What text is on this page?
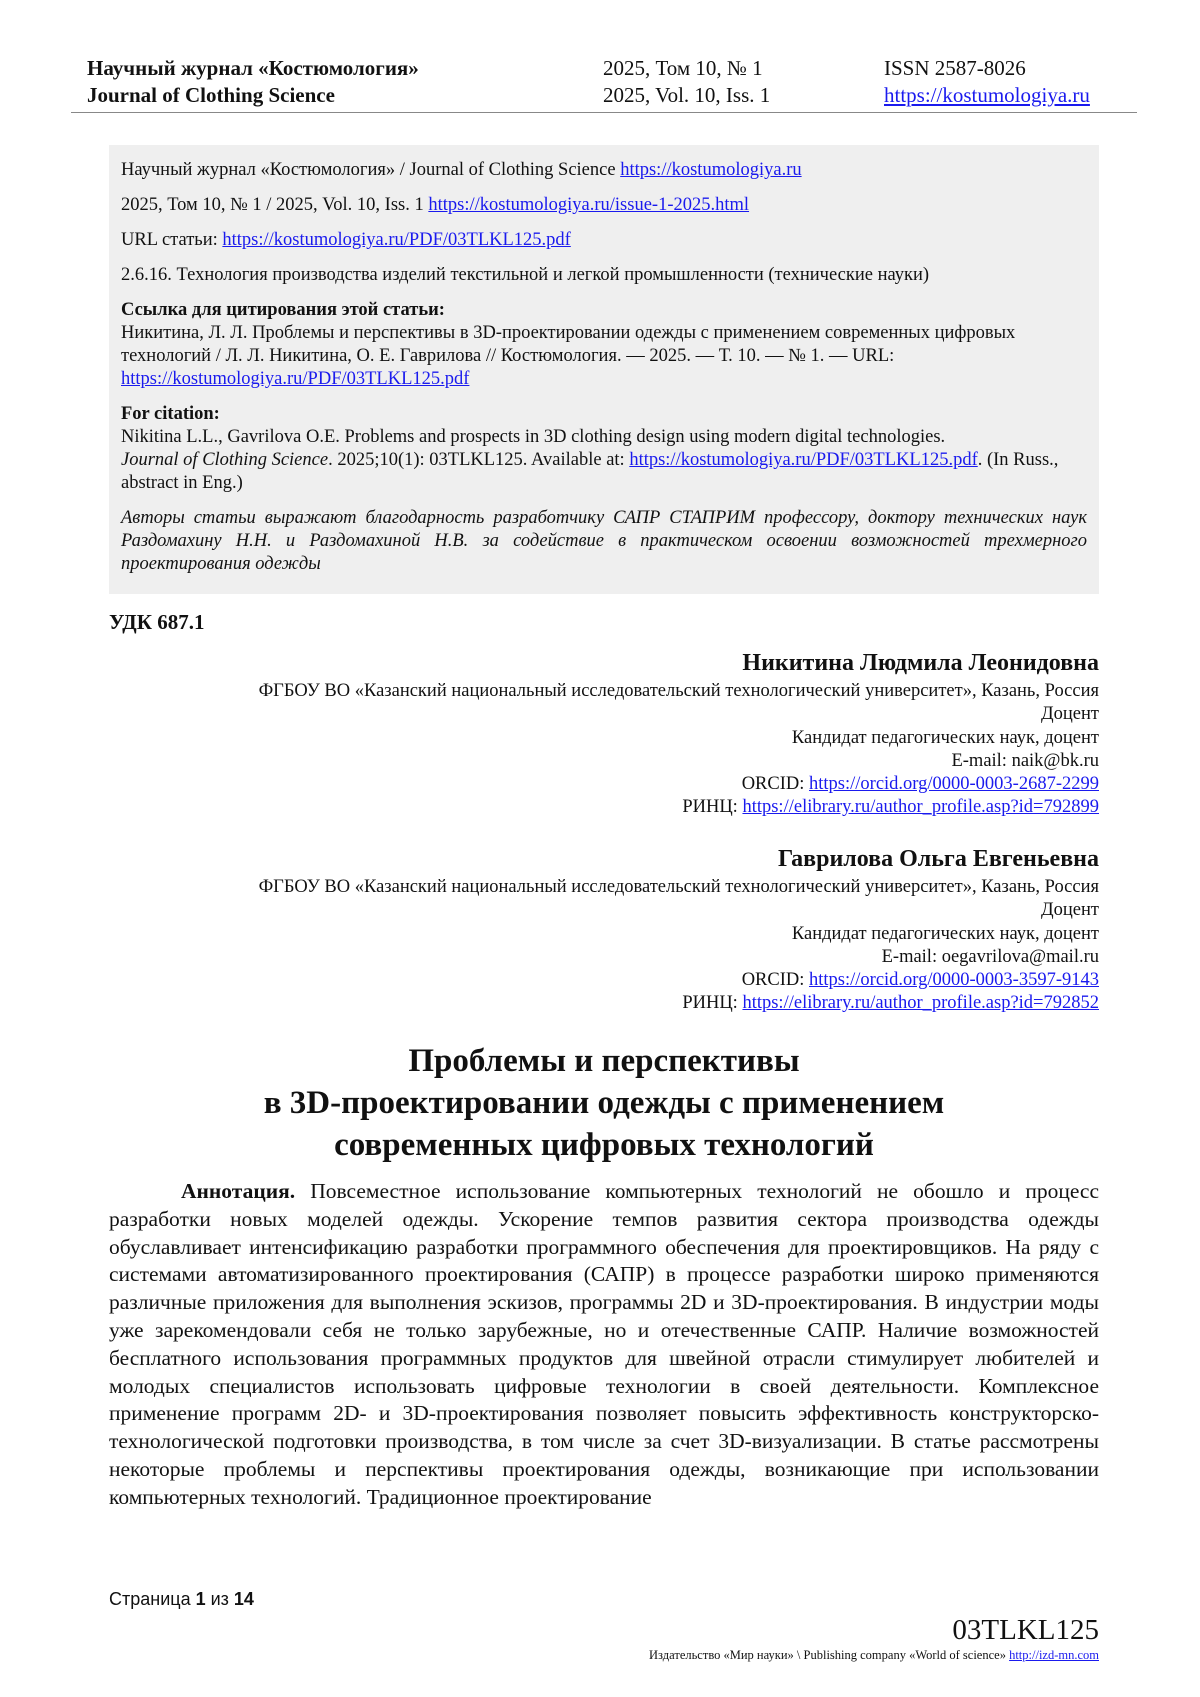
Научный журнал «Костюмология»
Journal of Clothing Science
2025, Том 10, № 1
2025, Vol. 10, Iss. 1
ISSN 2587-8026
https://kostumologiya.ru

Научный журнал «Костюмология» / Journal of Clothing Science https://kostumologiya.ru

2025, Том 10, № 1 / 2025, Vol. 10, Iss. 1 https://kostumologiya.ru/issue-1-2025.html

URL статьи: https://kostumologiya.ru/PDF/03TLKL125.pdf

2.6.16. Технология производства изделий текстильной и легкой промышленности (технические науки)

Ссылка для цитирования этой статьи:
Никитина, Л. Л. Проблемы и перспективы в 3D-проектировании одежды с применением современных цифровых технологий / Л. Л. Никитина, О. Е. Гаврилова // Костюмология. — 2025. — Т. 10. — № 1. — URL: https://kostumologiya.ru/PDF/03TLKL125.pdf

For citation:
Nikitina L.L., Gavrilova O.E. Problems and prospects in 3D clothing design using modern digital technologies.
Journal of Clothing Science. 2025;10(1): 03TLKL125. Available at: https://kostumologiya.ru/PDF/03TLKL125.pdf. (In Russ., abstract in Eng.)

Авторы статьи выражают благодарность разработчику САПР СТАПРИМ профессору, доктору технических наук Раздомахину Н.Н. и Раздомахиной Н.В. за содействие в практическом освоении возможностей трехмерного проектирования одежды

УДК 687.1
Никитина Людмила Леонидовна
ФГБОУ ВО «Казанский национальный исследовательский технологический университет», Казань, Россия
Доцент
Кандидат педагогических наук, доцент
E-mail: naik@bk.ru
ORCID: https://orcid.org/0000-0003-2687-2299
РИНЦ: https://elibrary.ru/author_profile.asp?id=792899
Гаврилова Ольга Евгеньевна
ФГБОУ ВО «Казанский национальный исследовательский технологический университет», Казань, Россия
Доцент
Кандидат педагогических наук, доцент
E-mail: oegavrilova@mail.ru
ORCID: https://orcid.org/0000-0003-3597-9143
РИНЦ: https://elibrary.ru/author_profile.asp?id=792852
Проблемы и перспективы
в 3D-проектировании одежды с применением
современных цифровых технологий
Аннотация. Повсеместное использование компьютерных технологий не обошло и процесс разработки новых моделей одежды. Ускорение темпов развития сектора производства одежды обуславливает интенсификацию разработки программного обеспечения для проектировщиков. На ряду с системами автоматизированного проектирования (САПР) в процессе разработки широко применяются различные приложения для выполнения эскизов, программы 2D и 3D-проектирования. В индустрии моды уже зарекомендовали себя не только зарубежные, но и отечественные САПР. Наличие возможностей бесплатного использования программных продуктов для швейной отрасли стимулирует любителей и молодых специалистов использовать цифровые технологии в своей деятельности. Комплексное применение программ 2D- и 3D-проектирования позволяет повысить эффективность конструкторско-технологической подготовки производства, в том числе за счет 3D-визуализации. В статье рассмотрены некоторые проблемы и перспективы проектирования одежды, возникающие при использовании компьютерных технологий. Традиционное проектирование
Страница 1 из 14
03TLKL125
Издательство «Мир науки» \ Publishing company «World of science» http://izd-mn.com
